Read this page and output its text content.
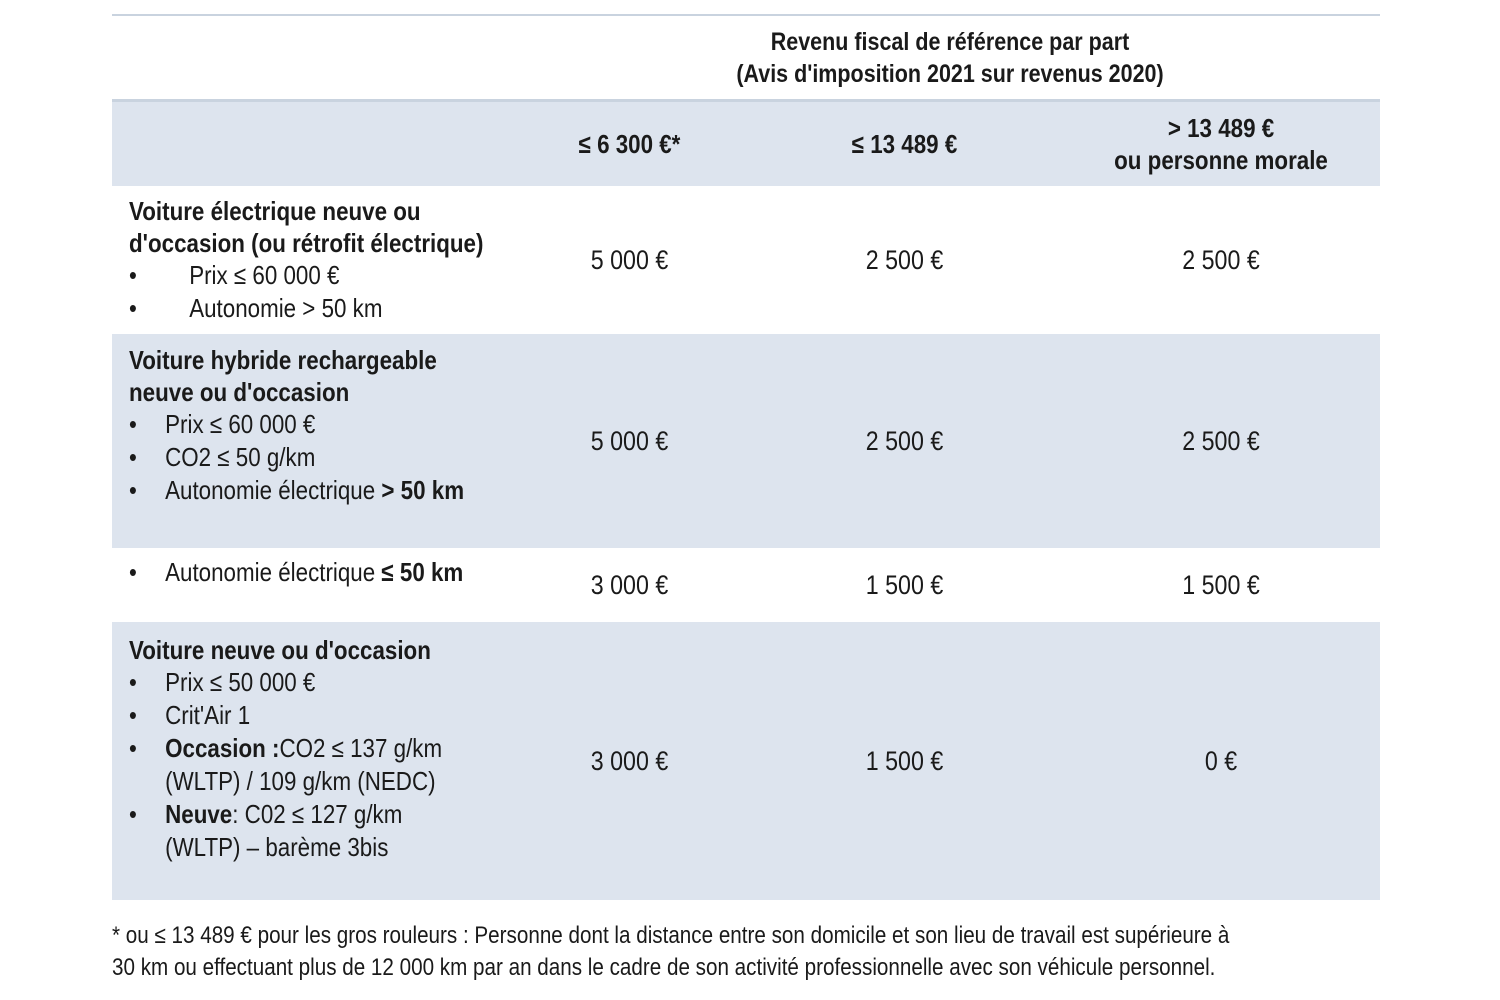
Revenu fiscal de référence par part
(Avis d'imposition 2021 sur revenus 2020)
≤ 6 300 €*	≤ 13 489 €
> 13 489 €
ou personne morale
Voiture électrique neuve ou
d'occasion (ou rétrofit électrique)
• Prix ≤ 60 000 €
• Autonomie > 50 km
5 000 €	2 500 €	2 500 €
Voiture hybride rechargeable
neuve ou d'occasion
• Prix ≤ 60 000 €
• CO2 ≤ 50 g/km
• Autonomie électrique > 50 km
5 000 €	2 500 €	2 500 €
• Autonomie électrique ≤ 50 km	3 000 €	1 500 €	1 500 €
Voiture neuve ou d'occasion
• Prix ≤ 50 000 €
• Crit'Air 1
• Occasion :CO2 ≤ 137 g/km
(WLTP) / 109 g/km (NEDC)
• Neuve: C02 ≤ 127 g/km
(WLTP) – barème 3bis
3 000 €	1 500 €	0 €
* ou ≤ 13 489 € pour les gros rouleurs : Personne dont la distance entre son domicile et son lieu de travail est supérieure à
30 km ou effectuant plus de 12 000 km par an dans le cadre de son activité professionnelle avec son véhicule personnel.
